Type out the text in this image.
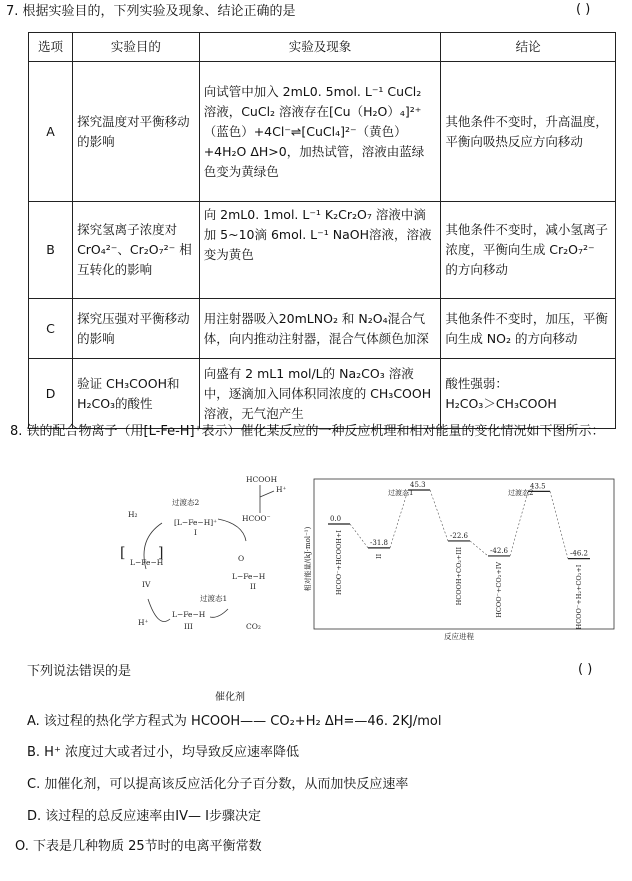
7. 根据实验目的，下列实验及现象、结论正确的是	( )
选项	实验目的	实验及现象	结论
A	探究温度对平衡移动的影响	向试管中加入 2mL0. 5mol. L⁻¹ CuCl₂ 溶液，CuCl₂ 溶液存在[Cu（H₂O）₄]²⁺（蓝色）+4Cl⁻⇌[CuCl₄]²⁻（黄色）+4H₂O ΔH>0，加热试管，溶液由蓝绿色变为黄绿色	其他条件不变时，升高温度，平衡向吸热反应方向移动
B	探究氢离子浓度对 CrO₄²⁻、Cr₂O₇²⁻ 相互转化的影响	向 2mL0. 1mol. L⁻¹ K₂Cr₂O₇ 溶液中滴加 5~10滴 6mol. L⁻¹ NaOH溶液，溶液变为黄色	其他条件不变时，减小氢离子浓度，平衡向生成 Cr₂O₇²⁻ 的方向移动
C	探究压强对平衡移动的影响	用注射器吸入20mLNO₂ 和 N₂O₄混合气体，向内推动注射器，混合气体颜色加深	其他条件不变时，加压，平衡向生成 NO₂ 的方向移动
D	验证 CH₃COOH和 H₂CO₃的酸性	向盛有 2 mL1 mol/L的 Na₂CO₃ 溶液中，逐滴加入同体积同浓度的 CH₃COOH溶液，无气泡产生	酸性强弱：
H₂CO₃＞CH₃COOH
8. 铁的配合物离子（用[L-Fe-H]⁺表示）催化某反应的一种反应机理和相对能量的变化情况如下图所示：
HCOOH
H⁺
HCOO⁻
H₂
[L−Fe−H]⁺
I
过渡态2
[
L−Fe−H
]
IV
O
L−Fe−H
II
过渡态1
L−Fe−H
III
H⁺	CO₂
相对能量/(kJ·mol⁻¹)
反应进程
0.0
HCOO⁻+HCOOH+I	-31.8
II
45.3
-22.6
HCOOH+CO₂+III	-42.6
HCOO⁻+CO₂+IV
43.5
-46.2
HCOO⁻+H₂+CO₂+I
过渡态1	过渡态2
下列说法错误的是	( )
催化剂
A. 该过程的热化学方程式为 HCOOH—— CO₂+H₂ ΔH=—46. 2KJ/mol
B. H⁺ 浓度过大或者过小，均导致反应速率降低
C. 加催化剂，可以提高该反应活化分子百分数，从而加快反应速率
D. 该过程的总反应速率由IV— I步骤决定
O. 下表是几种物质 25节时的电离平衡常数
